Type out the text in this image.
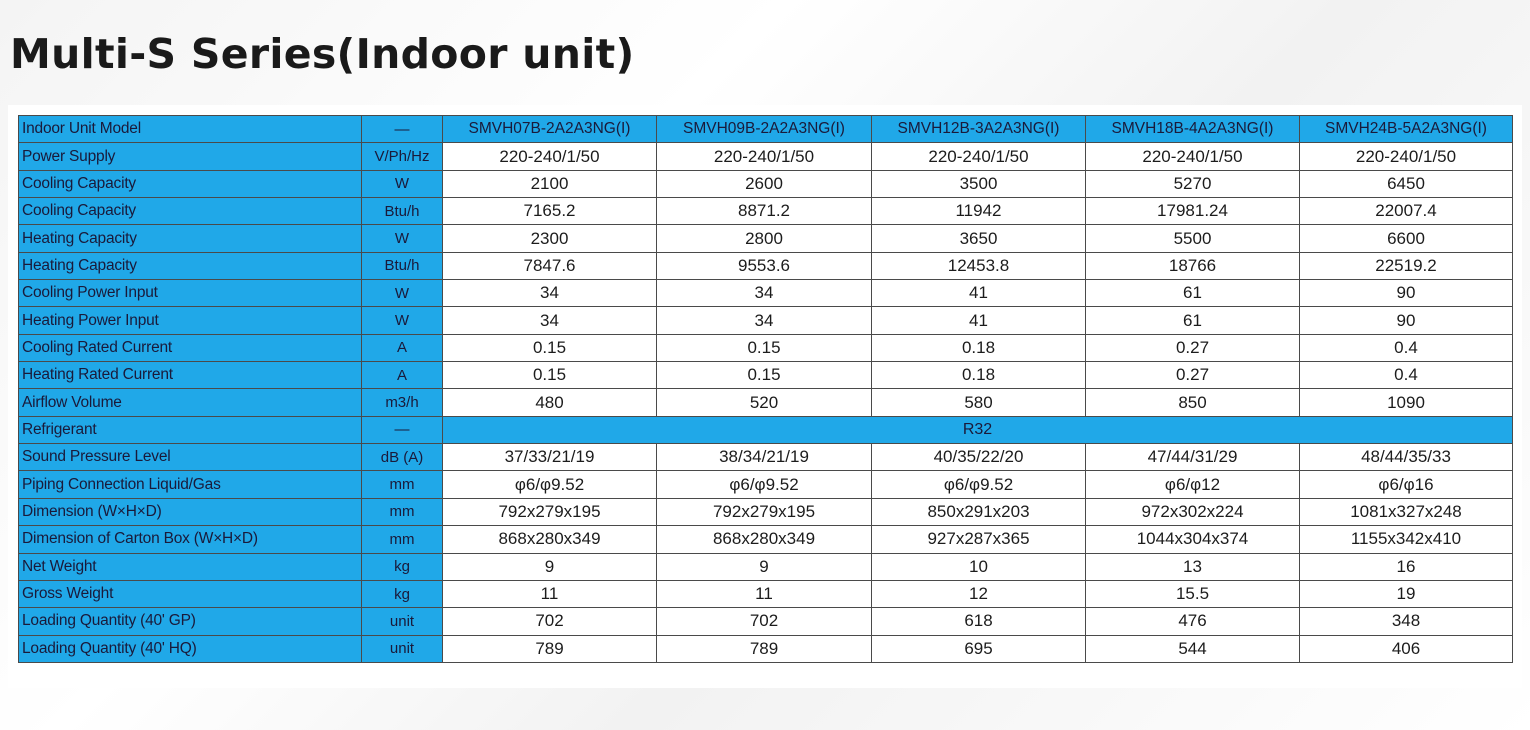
Multi-S Series(Indoor unit)
Indoor Unit Model	—	SMVH07B-2A2A3NG(I)	SMVH09B-2A2A3NG(I)	SMVH12B-3A2A3NG(I)	SMVH18B-4A2A3NG(I)	SMVH24B-5A2A3NG(I)
Power Supply	V/Ph/Hz	220-240/1/50	220-240/1/50	220-240/1/50	220-240/1/50	220-240/1/50
Cooling Capacity	W	2100	2600	3500	5270	6450
Cooling Capacity	Btu/h	7165.2	8871.2	11942	17981.24	22007.4
Heating Capacity	W	2300	2800	3650	5500	6600
Heating Capacity	Btu/h	7847.6	9553.6	12453.8	18766	22519.2
Cooling Power Input	W	34	34	41	61	90
Heating Power Input	W	34	34	41	61	90
Cooling Rated Current	A	0.15	0.15	0.18	0.27	0.4
Heating Rated Current	A	0.15	0.15	0.18	0.27	0.4
Airflow Volume	m3/h	480	520	580	850	1090
Refrigerant	—	R32				
Sound Pressure Level	dB (A)	37/33/21/19	38/34/21/19	40/35/22/20	47/44/31/29	48/44/35/33
Piping Connection Liquid/Gas	mm	φ6/φ9.52	φ6/φ9.52	φ6/φ9.52	φ6/φ12	φ6/φ16
Dimension (W×H×D)	mm	792x279x195	792x279x195	850x291x203	972x302x224	1081x327x248
Dimension of Carton Box (W×H×D)	mm	868x280x349	868x280x349	927x287x365	1044x304x374	1155x342x410
Net Weight	kg	9	9	10	13	16
Gross Weight	kg	11	11	12	15.5	19
Loading Quantity (40' GP)	unit	702	702	618	476	348
Loading Quantity (40' HQ)	unit	789	789	695	544	406
